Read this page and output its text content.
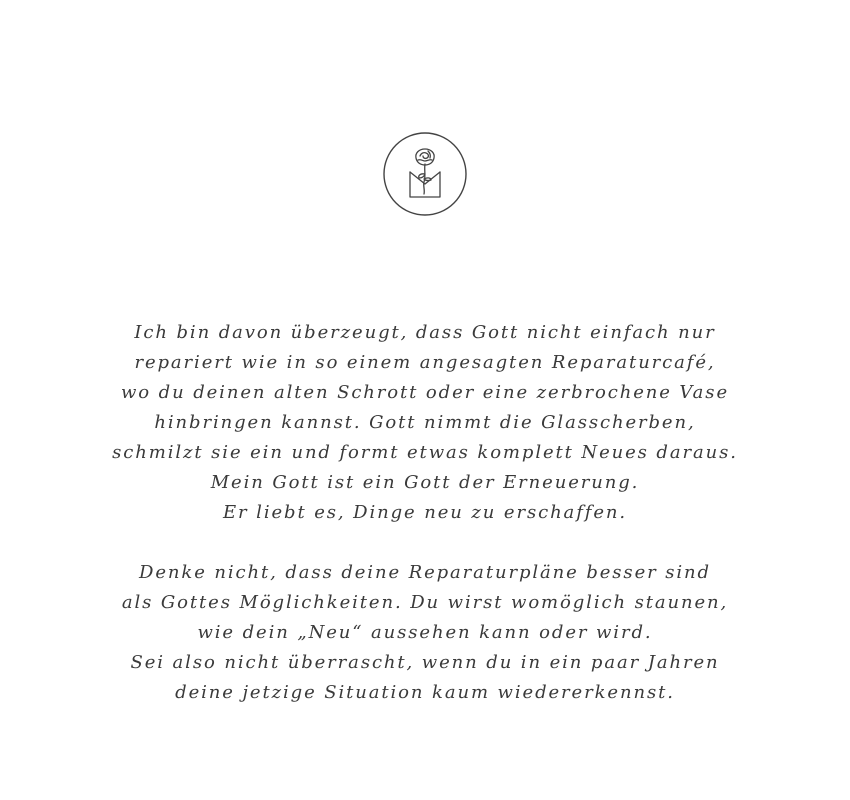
Ich bin davon überzeugt, dass Gott nicht einfach nur
repariert wie in so einem angesagten Reparaturcafé,
wo du deinen alten Schrott oder eine zerbrochene Vase
hinbringen kannst. Gott nimmt die Glasscherben,
schmilzt sie ein und formt etwas komplett Neues daraus.
Mein Gott ist ein Gott der Erneuerung.
Er liebt es, Dinge neu zu erschaffen.
Denke nicht, dass deine Reparaturpläne besser sind
als Gottes Möglichkeiten. Du wirst womöglich staunen,
wie dein „Neu“ aussehen kann oder wird.
Sei also nicht überrascht, wenn du in ein paar Jahren
deine jetzige Situation kaum wiedererkennst.
